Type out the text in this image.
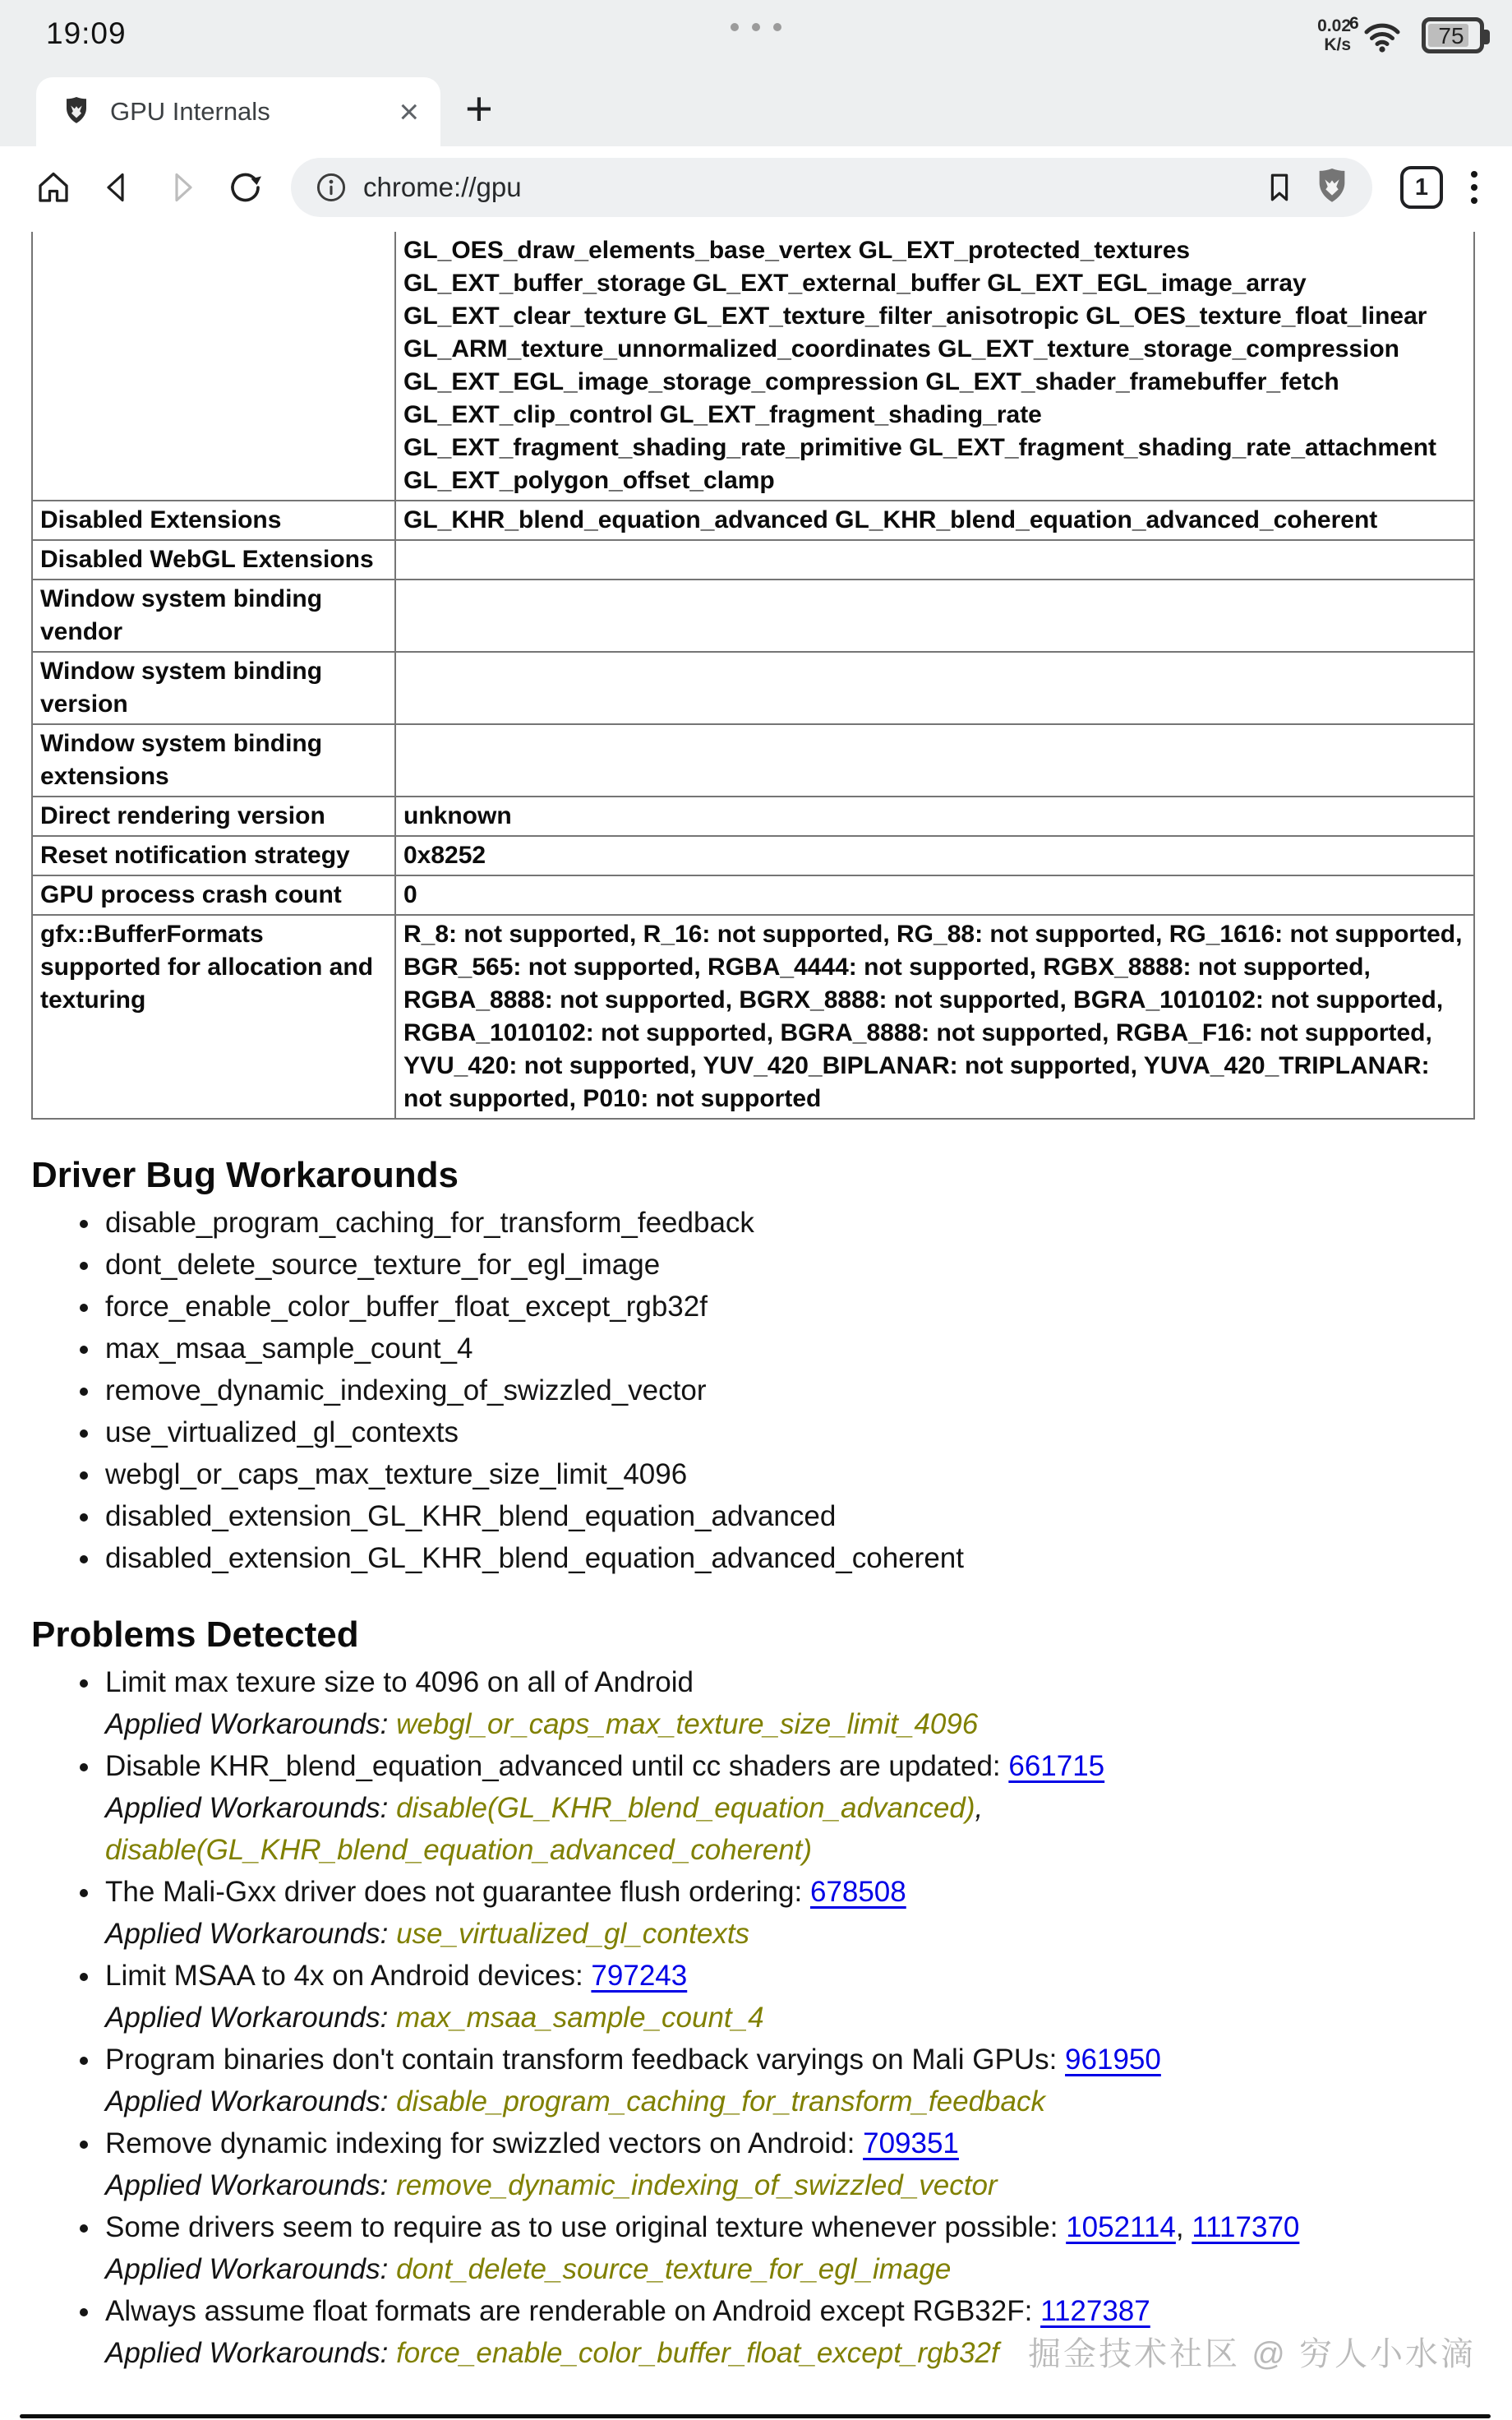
19:09	0.02
K/s
6	75
GPU Internals	× +
chrome://gpu	1
	GL_OES_draw_elements_base_vertex GL_EXT_protected_textures GL_EXT_buffer_storage GL_EXT_external_buffer GL_EXT_EGL_image_array GL_EXT_clear_texture GL_EXT_texture_filter_anisotropic GL_OES_texture_float_linear GL_ARM_texture_unnormalized_coordinates GL_EXT_texture_storage_compression GL_EXT_EGL_image_storage_compression GL_EXT_shader_framebuffer_fetch GL_EXT_clip_control GL_EXT_fragment_shading_rate GL_EXT_fragment_shading_rate_primitive GL_EXT_fragment_shading_rate_attachment GL_EXT_polygon_offset_clamp
Disabled Extensions	GL_KHR_blend_equation_advanced GL_KHR_blend_equation_advanced_coherent
Disabled WebGL Extensions	
Window system binding vendor	
Window system binding version	
Window system binding extensions	
Direct rendering version	unknown
Reset notification strategy	0x8252
GPU process crash count	0
gfx::BufferFormats supported for allocation and texturing	R_8: not supported, R_16: not supported, RG_88: not supported, RG_1616: not supported, BGR_565: not supported, RGBA_4444: not supported, RGBX_8888: not supported, RGBA_8888: not supported, BGRX_8888: not supported, BGRA_1010102: not supported, RGBA_1010102: not supported, BGRA_8888: not supported, RGBA_F16: not supported, YVU_420: not supported, YUV_420_BIPLANAR: not supported, YUVA_420_TRIPLANAR: not supported, P010: not supported
Driver Bug Workarounds
• disable_program_caching_for_transform_feedback
• dont_delete_source_texture_for_egl_image
• force_enable_color_buffer_float_except_rgb32f
• max_msaa_sample_count_4
• remove_dynamic_indexing_of_swizzled_vector
• use_virtualized_gl_contexts
• webgl_or_caps_max_texture_size_limit_4096
• disabled_extension_GL_KHR_blend_equation_advanced
• disabled_extension_GL_KHR_blend_equation_advanced_coherent
Problems Detected
• Limit max texure size to 4096 on all of Android
Applied Workarounds: webgl_or_caps_max_texture_size_limit_4096
• Disable KHR_blend_equation_advanced until cc shaders are updated: 661715
Applied Workarounds: disable(GL_KHR_blend_equation_advanced), disable(GL_KHR_blend_equation_advanced_coherent)
• The Mali-Gxx driver does not guarantee flush ordering: 678508
Applied Workarounds: use_virtualized_gl_contexts
• Limit MSAA to 4x on Android devices: 797243
Applied Workarounds: max_msaa_sample_count_4
• Program binaries don't contain transform feedback varyings on Mali GPUs: 961950
Applied Workarounds: disable_program_caching_for_transform_feedback
• Remove dynamic indexing for swizzled vectors on Android: 709351
Applied Workarounds: remove_dynamic_indexing_of_swizzled_vector
• Some drivers seem to require as to use original texture whenever possible: 1052114, 1117370
Applied Workarounds: dont_delete_source_texture_for_egl_image
• Always assume float formats are renderable on Android except RGB32F: 1127387
Applied Workarounds: force_enable_color_buffer_float_except_rgb32f 掘金技术社区 @ 穷人小水滴
